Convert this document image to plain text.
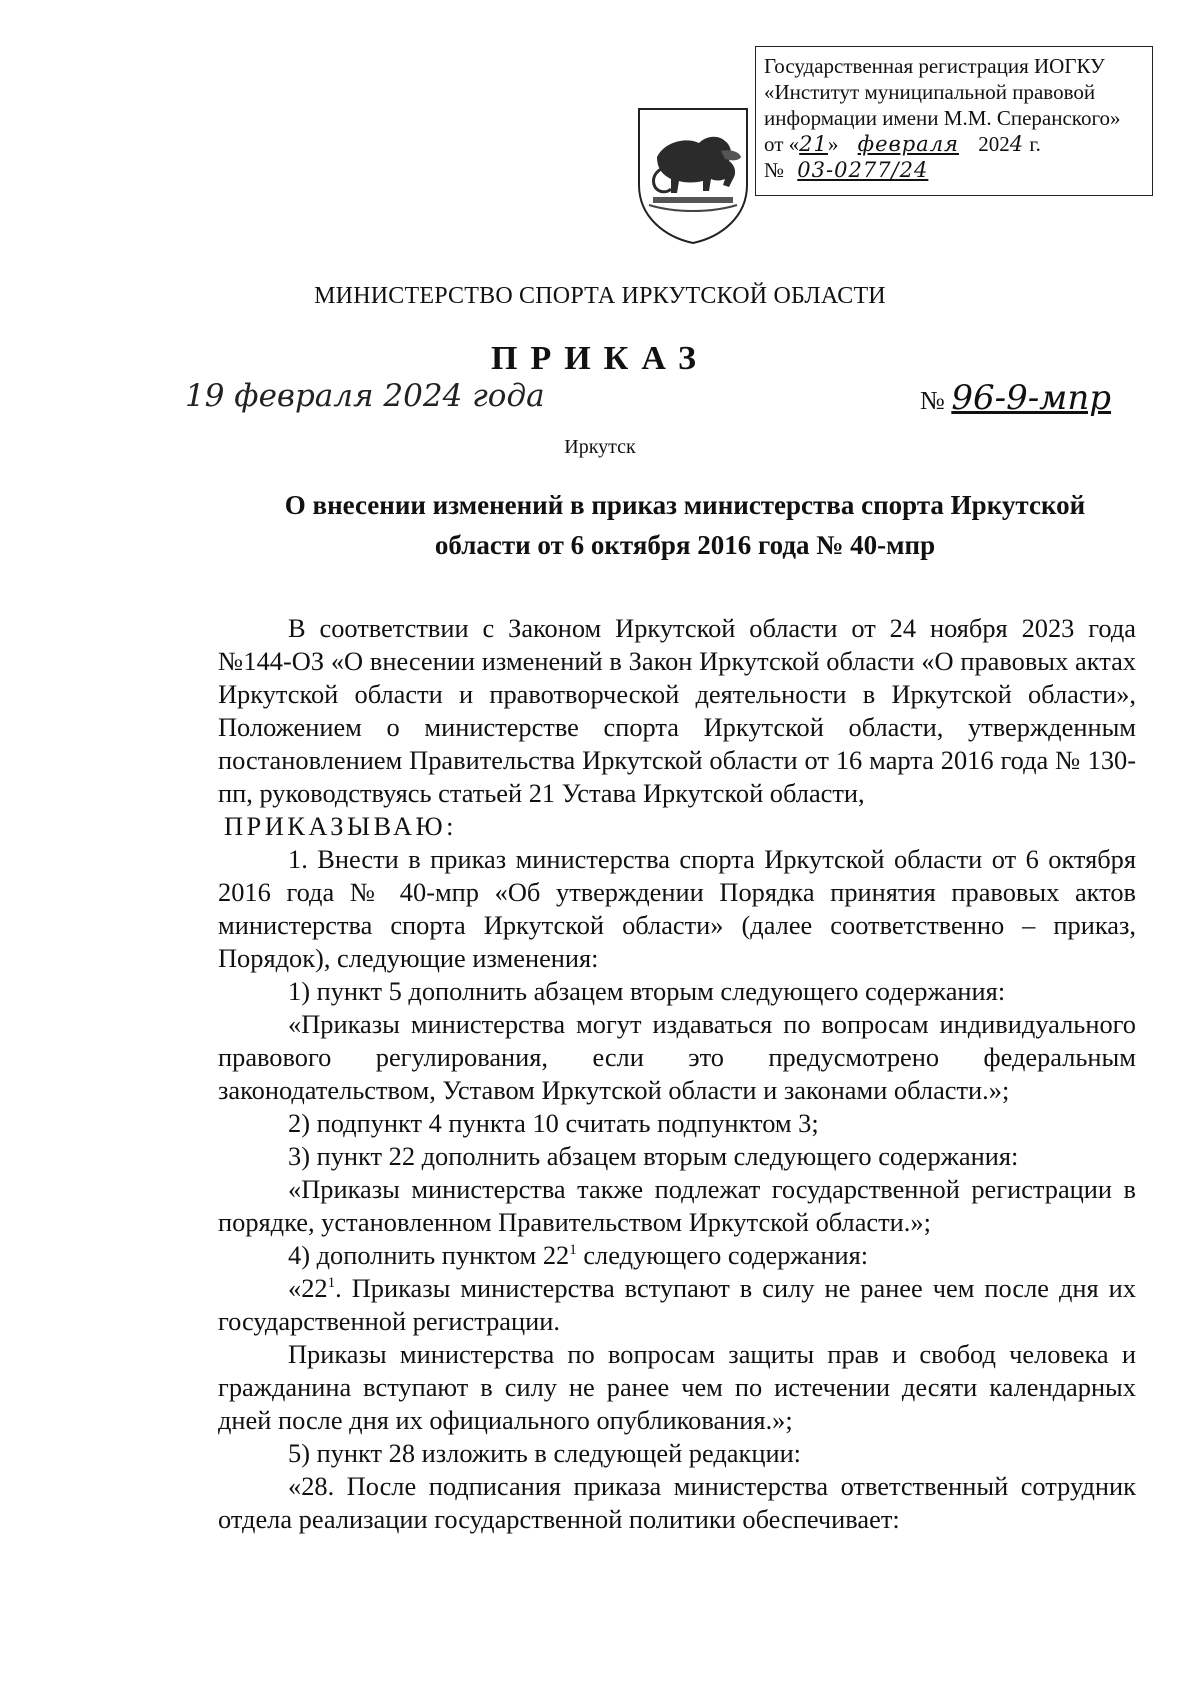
Государственная регистрация ИОГКУ
«Институт муниципальной правовой
информации имени М.М. Сперанского»
от «21» февраля 2024 г.
№ 03-0277/24
МИНИСТЕРСТВО СПОРТА ИРКУТСКОЙ ОБЛАСТИ
ПРИКАЗ
19 февраля 2024 года	№ 96-9-мпр
Иркутск
О внесении изменений в приказ министерства спорта Иркутской
области от 6 октября 2016 года № 40-мпр

В соответствии с Законом Иркутской области от 24 ноября 2023 года №144-ОЗ «О внесении изменений в Закон Иркутской области «О правовых актах Иркутской области и правотворческой деятельности в Иркутской области», Положением о министерстве спорта Иркутской области, утвержденным постановлением Правительства Иркутской области от 16 марта 2016 года № 130-пп, руководствуясь статьей 21 Устава Иркутской области,

ПРИКАЗЫВАЮ:

1. Внести в приказ министерства спорта Иркутской области от 6 октября 2016 года № 40-мпр «Об утверждении Порядка принятия правовых актов министерства спорта Иркутской области» (далее соответственно – приказ, Порядок), следующие изменения:

1) пункт 5 дополнить абзацем вторым следующего содержания:

«Приказы министерства могут издаваться по вопросам индивидуального правового регулирования, если это предусмотрено федеральным законодательством, Уставом Иркутской области и законами области.»;

2) подпункт 4 пункта 10 считать подпунктом 3;

3) пункт 22 дополнить абзацем вторым следующего содержания:

«Приказы министерства также подлежат государственной регистрации в порядке, установленном Правительством Иркутской области.»;

4) дополнить пунктом $22^1$ следующего содержания:

«$22^1$. Приказы министерства вступают в силу не ранее чем после дня их государственной регистрации.

Приказы министерства по вопросам защиты прав и свобод человека и гражданина вступают в силу не ранее чем по истечении десяти календарных дней после дня их официального опубликования.»;

5) пункт 28 изложить в следующей редакции:

«28. После подписания приказа министерства ответственный сотрудник отдела реализации государственной политики обеспечивает:
